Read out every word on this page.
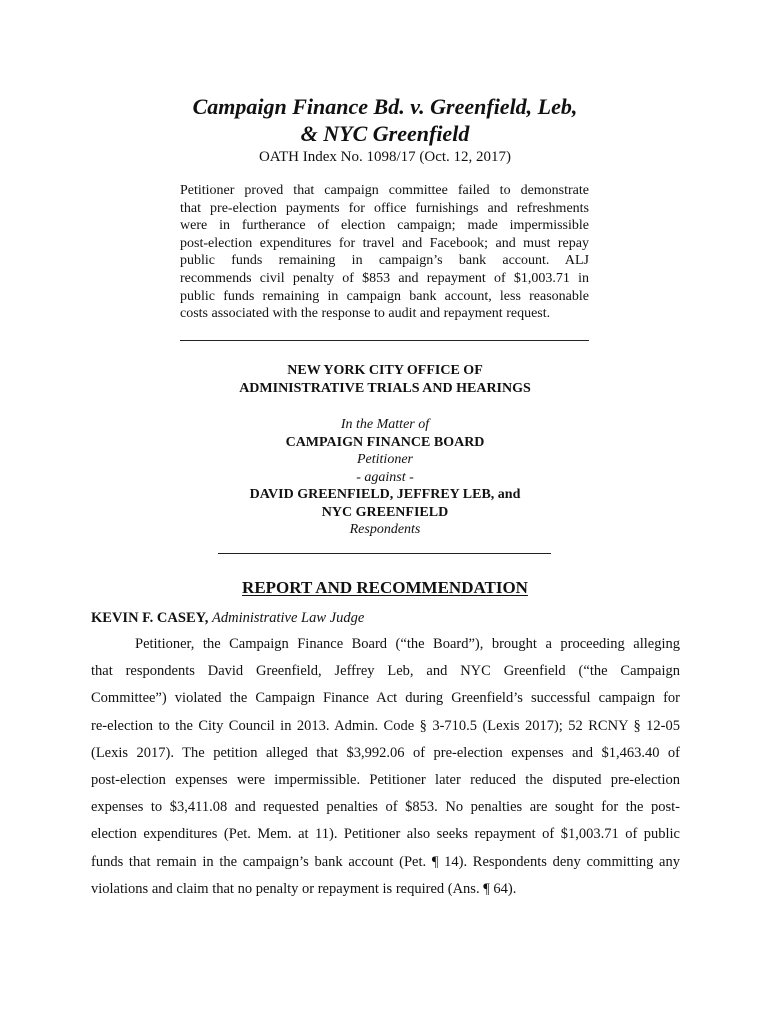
Campaign Finance Bd. v. Greenfield, Leb,
& NYC Greenfield
OATH Index No. 1098/17 (Oct. 12, 2017)
Petitioner proved that campaign committee failed to demonstrate
that pre-election payments for office furnishings and refreshments
were in furtherance of election campaign; made impermissible
post-election expenditures for travel and Facebook; and must repay
public funds remaining in campaign’s bank account. ALJ
recommends civil penalty of $853 and repayment of $1,003.71 in
public funds remaining in campaign bank account, less reasonable
costs associated with the response to audit and repayment request.
NEW YORK CITY OFFICE OF
ADMINISTRATIVE TRIALS AND HEARINGS
In the Matter of
CAMPAIGN FINANCE BOARD
Petitioner
- against -
DAVID GREENFIELD, JEFFREY LEB, and
NYC GREENFIELD
Respondents
REPORT AND RECOMMENDATION
KEVIN F. CASEY, Administrative Law Judge
Petitioner, the Campaign Finance Board (“the Board”), brought a proceeding alleging
that respondents David Greenfield, Jeffrey Leb, and NYC Greenfield (“the Campaign
Committee”) violated the Campaign Finance Act during Greenfield’s successful campaign for
re-election to the City Council in 2013. Admin. Code § 3-710.5 (Lexis 2017); 52 RCNY § 12-05
(Lexis 2017). The petition alleged that $3,992.06 of pre-election expenses and $1,463.40 of
post-election expenses were impermissible. Petitioner later reduced the disputed pre-election
expenses to $3,411.08 and requested penalties of $853. No penalties are sought for the post-
election expenditures (Pet. Mem. at 11). Petitioner also seeks repayment of $1,003.71 of public
funds that remain in the campaign’s bank account (Pet. ¶ 14). Respondents deny committing any
violations and claim that no penalty or repayment is required (Ans. ¶ 64).
